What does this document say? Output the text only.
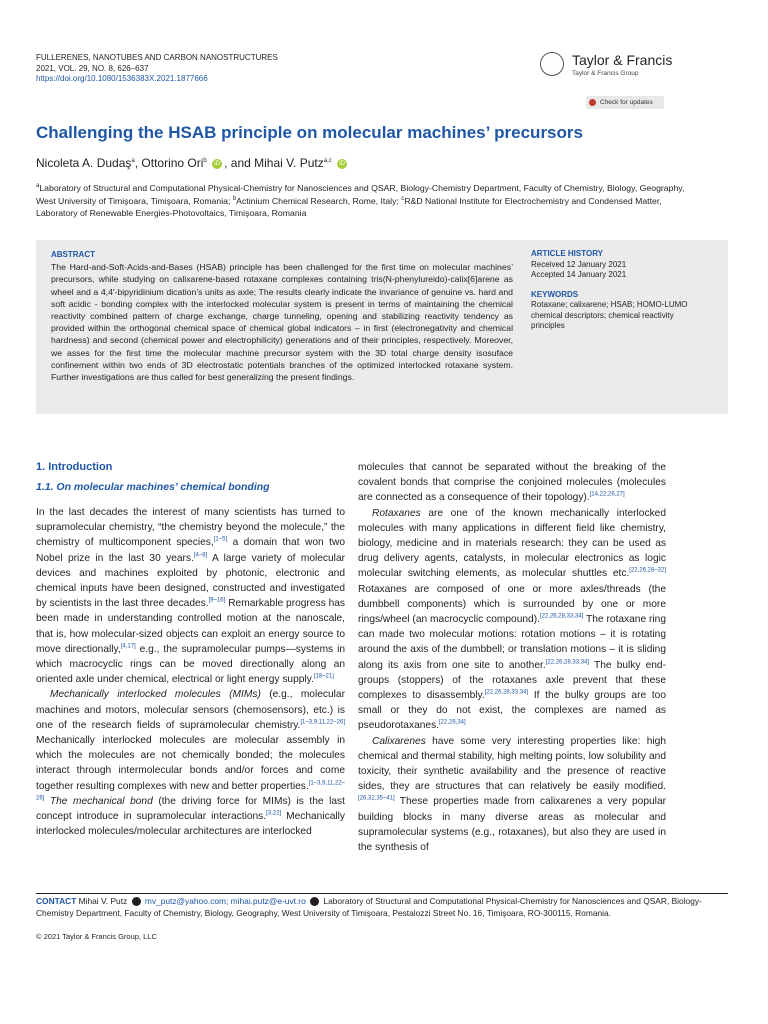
FULLERENES, NANOTUBES AND CARBON NANOSTRUCTURES
2021, VOL. 29, NO. 8, 626–637
https://doi.org/10.1080/1536383X.2021.1877666
Taylor & Francis
Taylor & Francis Group
Check for updates
Challenging the HSAB principle on molecular machines’ precursors
Nicoleta A. Dudaş$^a$, Ottorino Ori$^b$ iD , and Mihai V. Putz$^{a,c}$ iD
$^a$Laboratory of Structural and Computational Physical-Chemistry for Nanosciences and QSAR, Biology-Chemistry Department, Faculty of Chemistry, Biology, Geography, West University of Timişoara, Timişoara, Romania; $^b$Actinium Chemical Research, Rome, Italy; $^c$R&D National Institute for Electrochemistry and Condensed Matter, Laboratory of Renewable Energies-Photovoltaics, Timişoara, Romania
ABSTRACT
The Hard-and-Soft-Acids-and-Bases (HSAB) principle has been challenged for the first time on molecular machines’ precursors, while studying on calixarene-based rotaxane complexes containing tris(N-phenylureido)-calix[6]arene as wheel and a 4,4′-bipyridinium dication’s units as axle; The results clearly indicate the invariance of genuine vs. hard and soft acidic - bonding complex with the interlocked molecular system is present in terms of maintaining the chemical reactivity combined pattern of charge exchange, charge tunneling, opening and stabilizing reactivity tendency as provided within the orthogonal chemical space of chemical global indicators – in first (electronegativity and chemical hardness) and second (chemical power and electrophilicity) generations and of their principles, respectively. Moreover, we asses for the first time the molecular machine precursor system with the 3D total charge density isosuface confinement within two ends of 3D electrostatic potentials branches of the optimized interlocked rotaxane system. Further investigations are thus called for best generalizing the present findings.
ARTICLE HISTORY
Received 12 January 2021
Accepted 14 January 2021
KEYWORDS
Rotaxane; calixarene; HSAB; HOMO-LUMO chemical descriptors; chemical reactivity principles
1. Introduction
1.1. On molecular machines’ chemical bonding

In the last decades the interest of many scientists has turned to supramolecular chemistry, “the chemistry beyond the molecule,” the chemistry of multicomponent species,[1–5] a domain that won two Nobel prize in the last 30 years.[4–8] A large variety of molecular devices and machines exploited by photonic, electronic and chemical inputs have been designed, constructed and investigated by scientists in the last three decades.[9–16] Remarkable progress has been made in understanding controlled motion at the nanoscale, that is, how molecular-sized objects can exploit an energy source to move directionally,[4,17] e.g., the supramolecular pumps—systems in which macrocyclic rings can be moved directionally along an oriented axle under chemical, electrical or light energy supply.[18–21]

Mechanically interlocked molecules (MIMs) (e.g., molecular machines and motors, molecular sensors (chemosensors), etc.) is one of the research fields of supramolecular chemistry.[1–3,9,11,22–26] Mechanically interlocked molecules are molecular assembly in which the molecules are not chemically bonded; the molecules interact through intermolecular bonds and/or forces and come together resulting complexes with new and better properties.[1–3,9,11,22–26] The mechanical bond (the driving force for MIMs) is the last concept introduce in supramolecular interactions.[3,22] Mechanically interlocked molecules/molecular architectures are interlocked

molecules that cannot be separated without the breaking of the covalent bonds that comprise the conjoined molecules (molecules are connected as a consequence of their topology).[14,22,26,27]

Rotaxanes are one of the known mechanically interlocked molecules with many applications in different field like chemistry, biology, medicine and in materials research: they can be used as drug delivery agents, catalysts, in molecular electronics as logic molecular switching elements, as molecular shuttles etc.[22,26,28–32] Rotaxanes are composed of one or more axles/threads (the dumbbell components) which is surrounded by one or more rings/wheel (an macrocyclic compound).[22,26,28,33,34] The rotaxane ring can made two molecular motions: rotation motions – it is rotating around the axis of the dumbbell; or translation motions – it is sliding along its axis from one site to another.[22,26,28,33,34] The bulky end-groups (stoppers) of the rotaxanes axle prevent that these complexes to disassembly.[22,26,28,33,34] If the bulky groups are too small or they do not exist, the complexes are named as pseudorotaxanes.[22,26,34]

Calixarenes have some very interesting properties like: high chemical and thermal stability, high melting points, low solubility and toxicity, their synthetic availability and the presence of reactive sides, they are structures that can relatively be easily modified.[26,32,35–41] These properties made from calixarenes a very popular building blocks in many diverse areas as molecular and supramolecular systems (e.g., rotaxanes), but also they are used in the synthesis of

CONTACT Mihai V. Putz  mv_putz@yahoo.com; mihai.putz@e-uvt.ro  Laboratory of Structural and Computational Physical-Chemistry for Nanosciences and QSAR, Biology-Chemistry Department, Faculty of Chemistry, Biology, Geography, West University of Timişoara, Pestalozzi Street No. 16, Timişoara, RO-300115, Romania.
© 2021 Taylor & Francis Group, LLC
